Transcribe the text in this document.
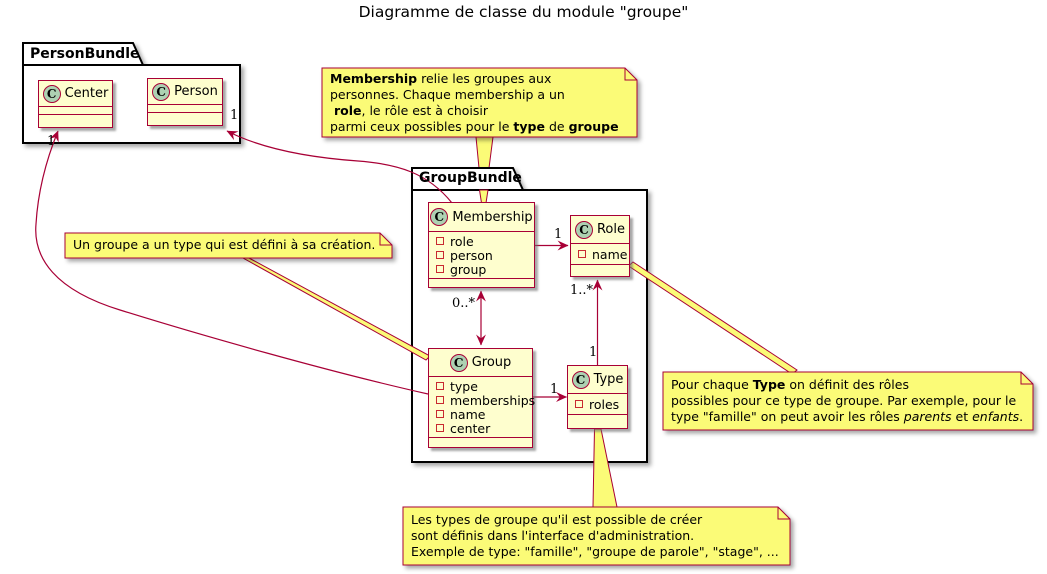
Diagramme de classe du module "groupe"
PersonBundle
GroupBundle
C Center	C Person
C Membership
role
person
group
C Role
name
C Group
type
memberships
name
center
C Type
roles
Membership relie les groupes aux
personnes. Chaque membership a un
role, le rôle est à choisir
parmi ceux possibles pour le type de groupe
Un groupe a un type qui est défini à sa création.
Pour chaque Type on définit des rôles
possibles pour ce type de groupe. Par exemple, pour le
type "famille" on peut avoir les rôles parents et enfants.
Les types de groupe qu'il est possible de créer
sont définis dans l'interface d'administration.
Exemple de type: "famille", "groupe de parole", "stage", ...
1
0..*
1
1..*
1
1
1
